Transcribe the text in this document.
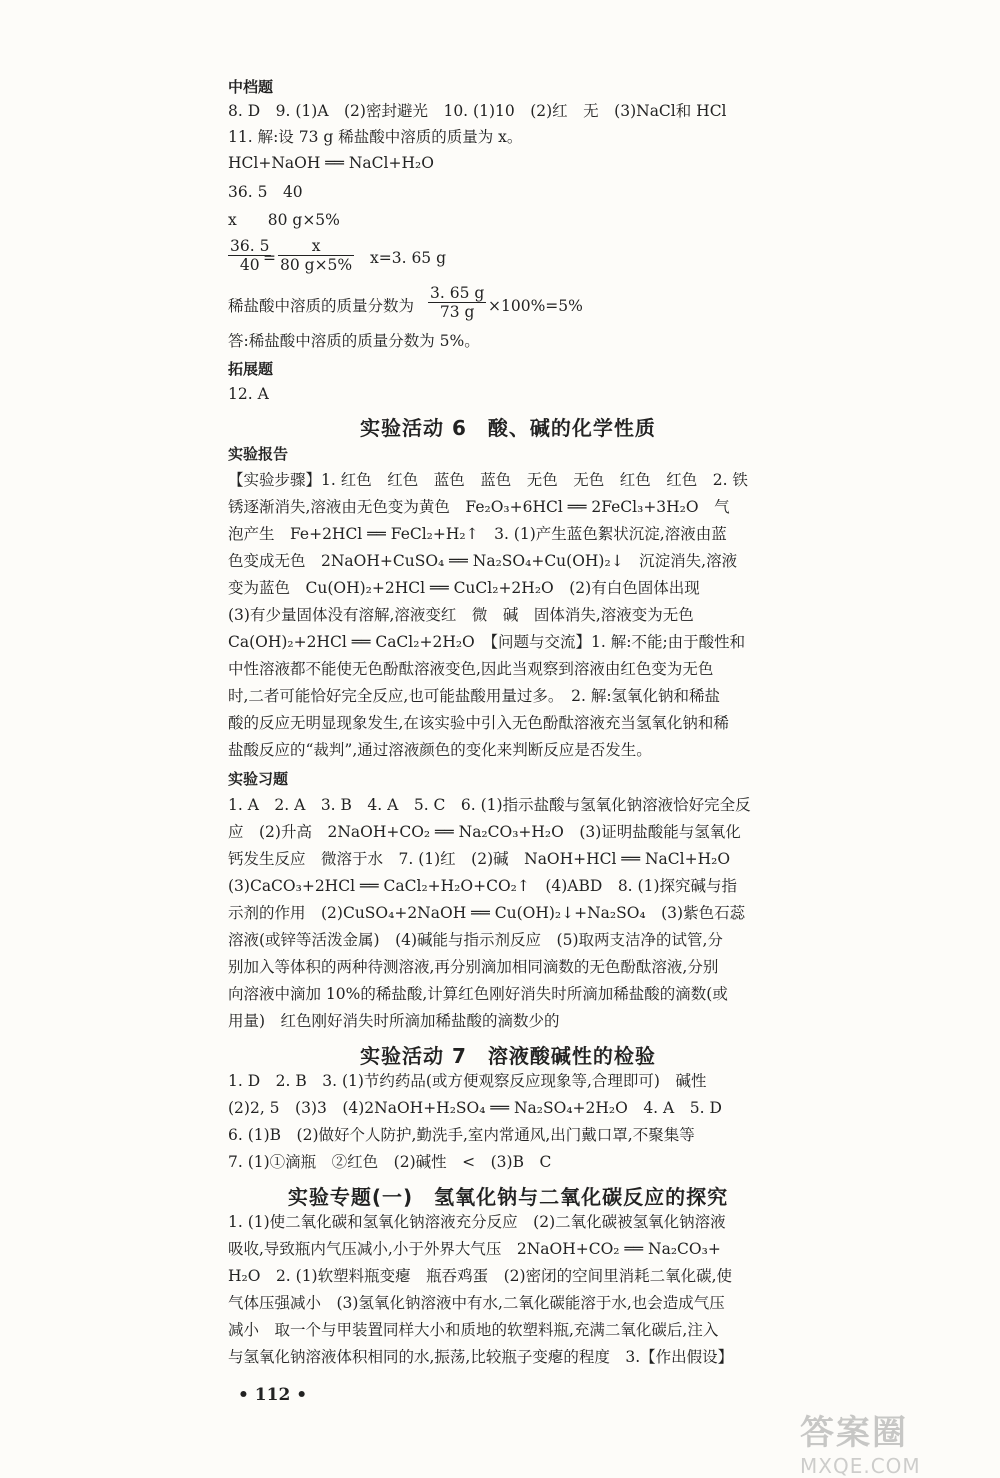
中档题
8. D　9. (1)A　(2)密封避光　10. (1)10　(2)红　无　(3)NaCl和 HCl
11. 解:设 73 g 稀盐酸中溶质的质量为 x。
HCl+NaOH ══ NaCl+H₂O
36. 5　40
x　　80 g×5%
$\frac{36. 5}{40}$
= $\frac{x}{80 g\times 5\%} x=3$. 65 g
稀盐酸中溶质的质量分数为 $\frac{3. 65 g}{73 g} \times 100\%=5\%$
答:稀盐酸中溶质的质量分数为 5%。
拓展题
12. A
实验活动 6　酸、碱的化学性质
实验报告
【实验步骤】1. 红色　红色　蓝色　蓝色　无色　无色　红色　红色　2. 铁
锈逐渐消失,溶液由无色变为黄色　Fe₂O₃+6HCl ══ 2FeCl₃+3H₂O　气
泡产生　Fe+2HCl ══ FeCl₂+H₂↑　3. (1)产生蓝色絮状沉淀,溶液由蓝
色变成无色　2NaOH+CuSO₄ ══ Na₂SO₄+Cu(OH)₂↓　沉淀消失,溶液
变为蓝色　Cu(OH)₂+2HCl ══ CuCl₂+2H₂O　(2)有白色固体出现
(3)有少量固体没有溶解,溶液变红　微　碱　固体消失,溶液变为无色
Ca(OH)₂+2HCl ══ CaCl₂+2H₂O　【问题与交流】1. 解:不能;由于酸性和
中性溶液都不能使无色酚酞溶液变色,因此当观察到溶液由红色变为无色
时,二者可能恰好完全反应,也可能盐酸用量过多。　2. 解:氢氧化钠和稀盐
酸的反应无明显现象发生,在该实验中引入无色酚酞溶液充当氢氧化钠和稀
盐酸反应的“裁判”,通过溶液颜色的变化来判断反应是否发生。
实验习题
1. A　2. A　3. B　4. A　5. C　6. (1)指示盐酸与氢氧化钠溶液恰好完全反
应　(2)升高　2NaOH+CO₂ ══ Na₂CO₃+H₂O　(3)证明盐酸能与氢氧化
钙发生反应　微溶于水　7. (1)红　(2)碱　NaOH+HCl ══ NaCl+H₂O
(3)CaCO₃+2HCl ══ CaCl₂+H₂O+CO₂↑　(4)ABD　8. (1)探究碱与指
示剂的作用　(2)CuSO₄+2NaOH ══ Cu(OH)₂↓+Na₂SO₄　(3)紫色石蕊
溶液(或锌等活泼金属)　(4)碱能与指示剂反应　(5)取两支洁净的试管,分
别加入等体积的两种待测溶液,再分别滴加相同滴数的无色酚酞溶液,分别
向溶液中滴加 10%的稀盐酸,计算红色刚好消失时所滴加稀盐酸的滴数(或
用量)　红色刚好消失时所滴加稀盐酸的滴数少的
实验活动 7　溶液酸碱性的检验
1. D　2. B　3. (1)节约药品(或方便观察反应现象等,合理即可)　碱性
(2)2, 5　(3)3　(4)2NaOH+H₂SO₄ ══ Na₂SO₄+2H₂O　4. A　5. D
6. (1)B　(2)做好个人防护,勤洗手,室内常通风,出门戴口罩,不聚集等
7. (1)①滴瓶　②红色　(2)碱性　<　(3)B　C
实验专题(一)　氢氧化钠与二氧化碳反应的探究
1. (1)使二氧化碳和氢氧化钠溶液充分反应　(2)二氧化碳被氢氧化钠溶液
吸收,导致瓶内气压减小,小于外界大气压　2NaOH+CO₂ ══ Na₂CO₃+
H₂O　2. (1)软塑料瓶变瘪　瓶吞鸡蛋　(2)密闭的空间里消耗二氧化碳,使
气体压强减小　(3)氢氧化钠溶液中有水,二氧化碳能溶于水,也会造成气压
减小　取一个与甲装置同样大小和质地的软塑料瓶,充满二氧化碳后,注入
与氢氧化钠溶液体积相同的水,振荡,比较瓶子变瘪的程度　3.【作出假设】
• 112 •
答案圈
MXQE.COM
